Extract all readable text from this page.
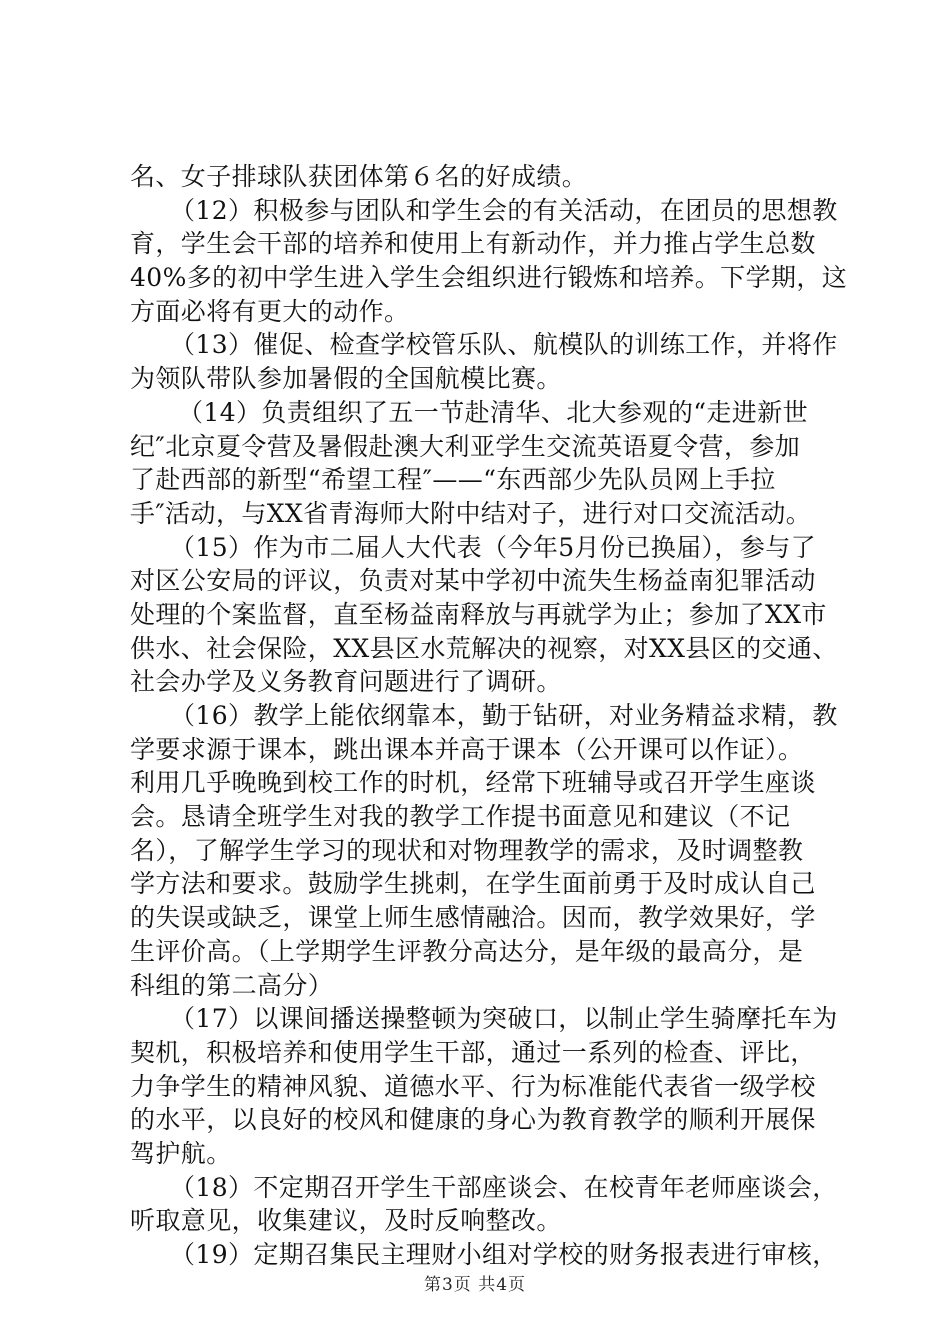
名、女子排球队获团体第６名的好成绩。
（12）积极参与团队和学生会的有关活动，在团员的思想教
育，学生会干部的培养和使用上有新动作，并力推占学生总数
40%多的初中学生进入学生会组织进行锻炼和培养。下学期，这
方面必将有更大的动作。
（13）催促、检查学校管乐队、航模队的训练工作，并将作
为领队带队参加暑假的全国航模比赛。
（14）负责组织了五一节赴清华、北大参观的“走进新世
纪″北京夏令营及暑假赴澳大利亚学生交流英语夏令营，参加
了赴西部的新型“希望工程″——“东西部少先队员网上手拉
手″活动，与XX省青海师大附中结对子，进行对口交流活动。
（15）作为市二届人大代表（今年5月份已换届），参与了
对区公安局的评议，负责对某中学初中流失生杨益南犯罪活动
处理的个案监督，直至杨益南释放与再就学为止；参加了XX市
供水、社会保险，XX县区水荒解决的视察，对XX县区的交通、
社会办学及义务教育问题进行了调研。
（16）教学上能依纲靠本，勤于钻研，对业务精益求精，教
学要求源于课本，跳出课本并高于课本（公开课可以作证）。
利用几乎晚晚到校工作的时机，经常下班辅导或召开学生座谈
会。恳请全班学生对我的教学工作提书面意见和建议（不记
名），了解学生学习的现状和对物理教学的需求，及时调整教
学方法和要求。鼓励学生挑刺，在学生面前勇于及时成认自己
的失误或缺乏，课堂上师生感情融洽。因而，教学效果好，学
生评价高。（上学期学生评教分高达分，是年级的最高分，是
科组的第二高分）
（17）以课间播送操整顿为突破口，以制止学生骑摩托车为
契机，积极培养和使用学生干部，通过一系列的检查、评比，
力争学生的精神风貌、道德水平、行为标准能代表省一级学校
的水平，以良好的校风和健康的身心为教育教学的顺利开展保
驾护航。
（18）不定期召开学生干部座谈会、在校青年老师座谈会，
听取意见，收集建议，及时反响整改。
（19）定期召集民主理财小组对学校的财务报表进行审核，
第3页 共4页
